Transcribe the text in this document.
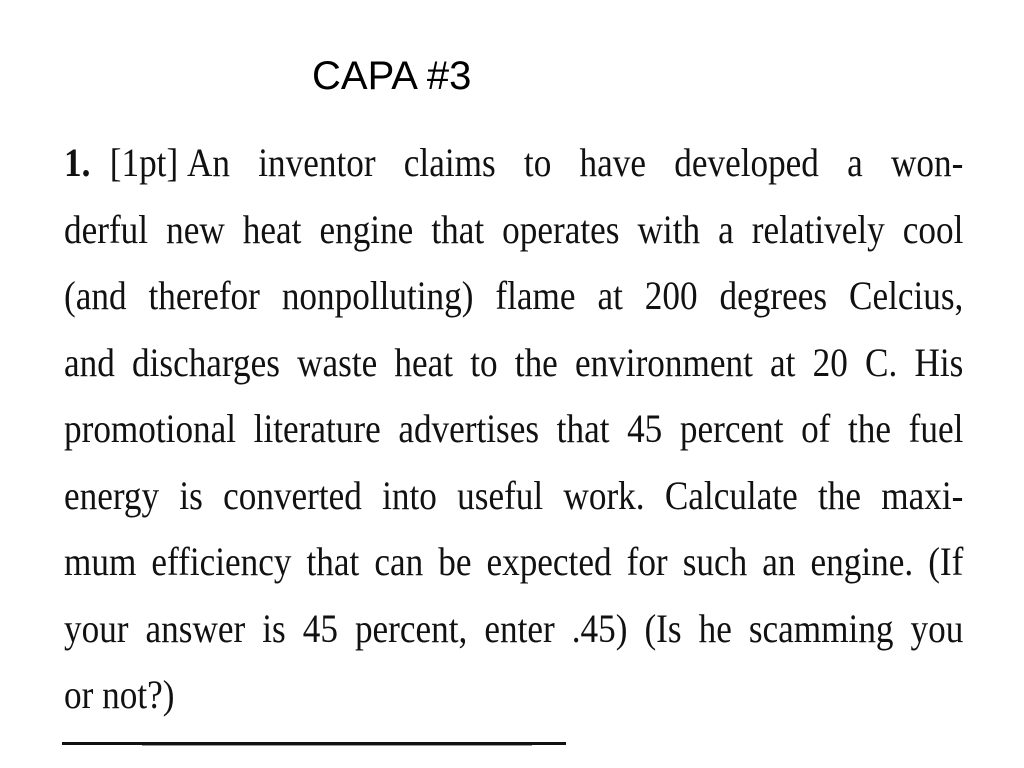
CAPA #3
1. [1pt] An inventor claims to have developed a won-
derful new heat engine that operates with a relatively cool
(and therefor nonpolluting) flame at 200 degrees Celcius,
and discharges waste heat to the environment at 20 C. His
promotional literature advertises that 45 percent of the fuel
energy is converted into useful work. Calculate the maxi-
mum efficiency that can be expected for such an engine. (If
your answer is 45 percent, enter .45) (Is he scamming you
or not?)
